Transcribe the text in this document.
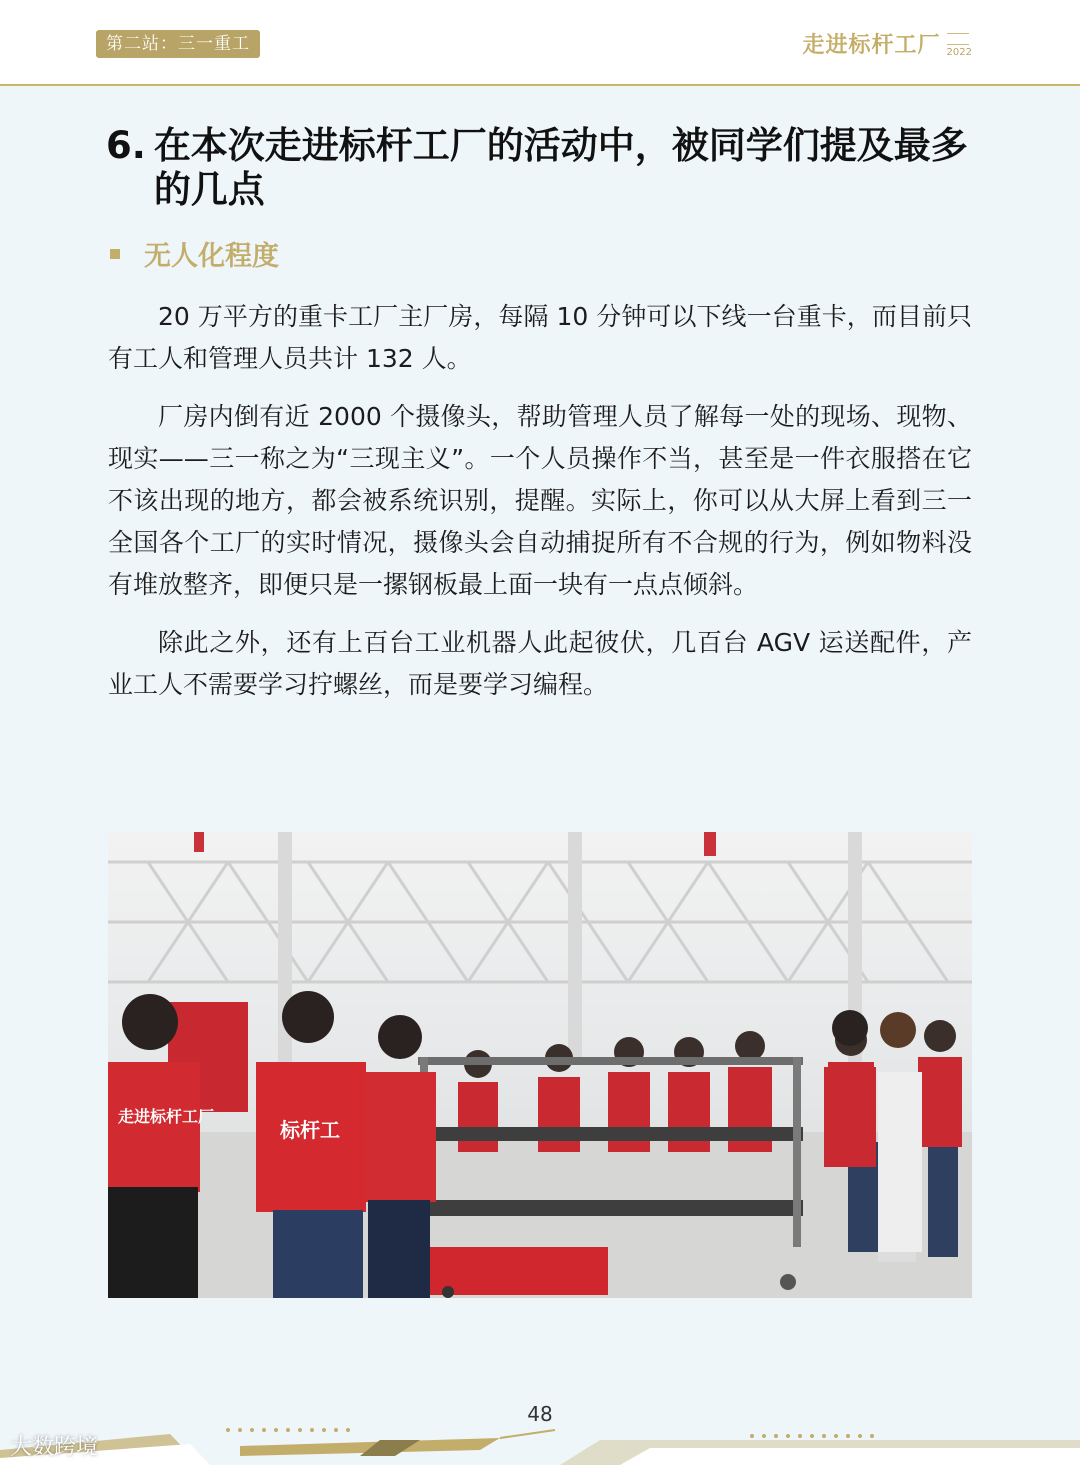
第二站：三一重工	走进标杆工厂 2022
6. 在本次走进标杆工厂的活动中，被同学们提及最多的几点
无人化程度

20 万平方的重卡工厂主厂房，每隔 10 分钟可以下线一台重卡，而目前只有工人和管理人员共计 132 人。

厂房内倒有近 2000 个摄像头，帮助管理人员了解每一处的现场、现物、现实——三一称之为“三现主义”。一个人员操作不当，甚至是一件衣服搭在它不该出现的地方，都会被系统识别，提醒。实际上，你可以从大屏上看到三一全国各个工厂的实时情况，摄像头会自动捕捉所有不合规的行为，例如物料没有堆放整齐，即便只是一摞钢板最上面一块有一点点倾斜。

除此之外，还有上百台工业机器人此起彼伏，几百台 AGV 运送配件，产业工人不需要学习拧螺丝，而是要学习编程。

走进标杆工厂
标杆工
48
大数跨境
